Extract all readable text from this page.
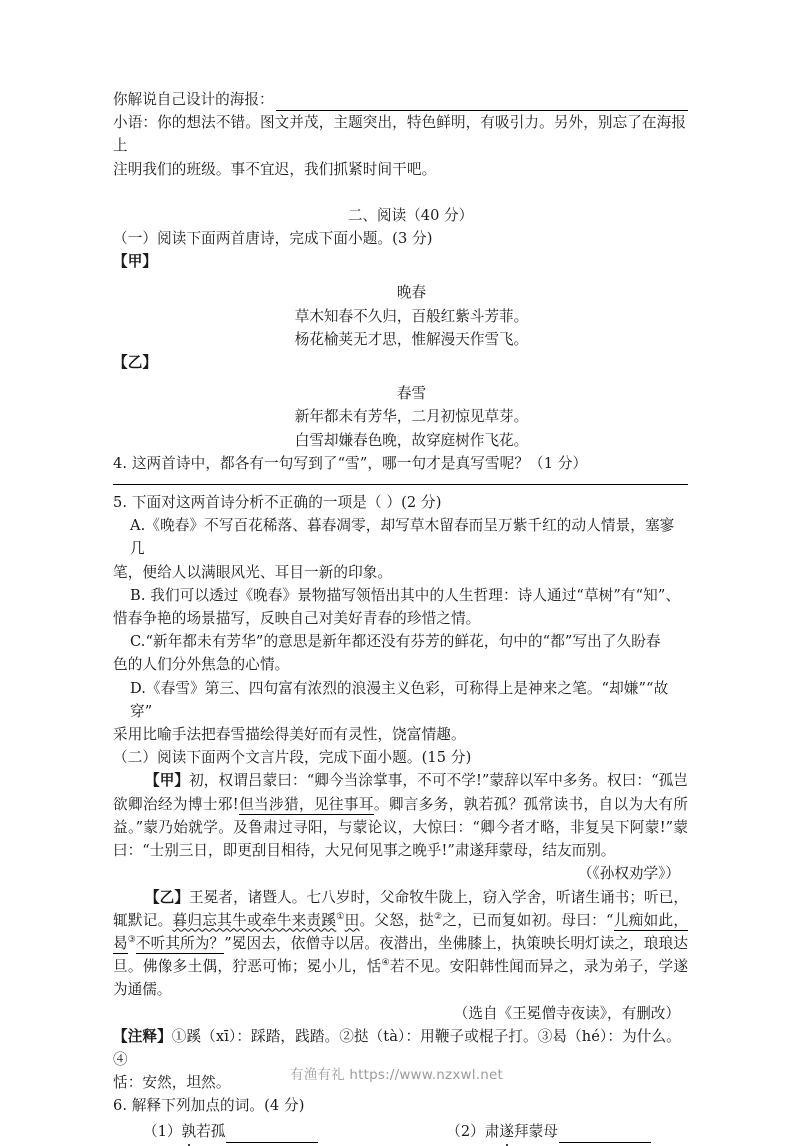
你解说自己设计的海报：
小语：你的想法不错。图文并茂，主题突出，特色鲜明，有吸引力。另外，别忘了在海报上
注明我们的班级。事不宜迟，我们抓紧时间干吧。
二、阅读（40 分）
（一）阅读下面两首唐诗，完成下面小题。(3 分)
【甲】
晚春
草木知春不久归，百般红紫斗芳菲。
杨花榆荚无才思，惟解漫天作雪飞。
【乙】
春雪
新年都未有芳华，二月初惊见草芽。
白雪却嫌春色晚，故穿庭树作飞花。
4. 这两首诗中，都各有一句写到了“雪”，哪一句才是真写雪呢？（1 分）
5. 下面对这两首诗分析不正确的一项是（ ）(2 分)
A.《晚春》不写百花稀落、暮春凋零，却写草木留春而呈万紫千红的动人情景，塞寥几
笔，便给人以满眼风光、耳目一新的印象。
B. 我们可以透过《晚春》景物描写领悟出其中的人生哲理：诗人通过“草树”有“知”、
惜春争艳的场景描写，反映自己对美好青春的珍惜之情。
C.“新年都未有芳华”的意思是新年都还没有芬芳的鲜花，句中的“都”写出了久盼春
色的人们分外焦急的心情。
D.《春雪》第三、四句富有浓烈的浪漫主义色彩，可称得上是神来之笔。“却嫌”“故穿”
采用比喻手法把春雪描绘得美好而有灵性，饶富情趣。
（二）阅读下面两个文言片段，完成下面小题。(15 分)

【甲】初，权谓吕蒙曰：“卿今当涂掌事，不可不学!”蒙辞以军中多务。权曰：“孤岂欲卿治经为博士邪!但当涉猎，见往事耳。卿言多务，孰若孤？孤常读书，自以为大有所益。”蒙乃始就学。及鲁肃过寻阳，与蒙论议，大惊曰：“卿今者才略，非复吴下阿蒙!”蒙曰：“士别三日，即更刮目相待，大兄何见事之晚乎!”肃遂拜蒙母，结友而别。

（《孙权劝学》）

【乙】王冕者，诸暨人。七八岁时，父命牧牛陇上，窃入学舍，听诸生诵书；听已，辄默记。暮归忘其牛或牵牛来责蹊①田。父怒，挞②之，已而复如初。母曰：“儿痴如此，曷③不听其所为？”冕因去，依僧寺以居。夜潜出，坐佛膝上，执策映长明灯读之，琅琅达旦。佛像多土偶，狞恶可怖；冕小儿，恬④若不见。安阳韩性闻而异之，录为弟子，学遂为通儒。

（选自《王冕僧寺夜读》，有删改）
【注释】①蹊（xī）：踩踏，践踏。②挞（tà）：用鞭子或棍子打。③曷（hé）：为什么。④
恬：安然，坦然。
6. 解释下列加点的词。(4 分)
（1） 孰 若孤	（2） 肃 遂 拜蒙母
有渔有礼 https://www.nzxwl.net
